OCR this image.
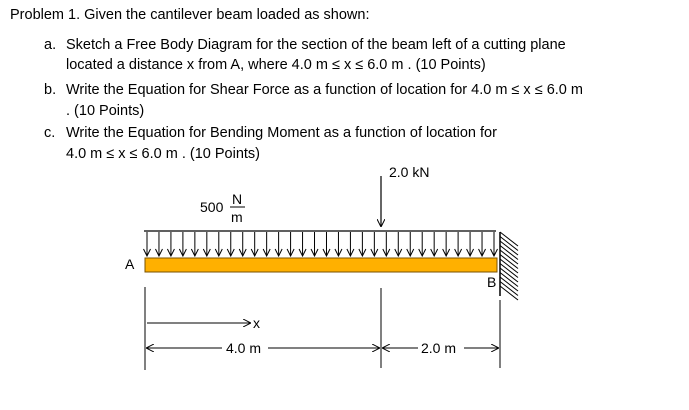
Problem 1. Given the cantilever beam loaded as shown:
a. Sketch a Free Body Diagram for the section of the beam left of a cutting plane
located a distance x from A, where 4.0 m ≤ x ≤ 6.0 m . (10 Points)
b. Write the Equation for Shear Force as a function of location for 4.0 m ≤ x ≤ 6.0 m
. (10 Points)
c. Write the Equation for Bending Moment as a function of location for
4.0 m ≤ x ≤ 6.0 m . (10 Points)
2.0 kN
500 N
m
A
B
x
4.0 m	2.0 m
